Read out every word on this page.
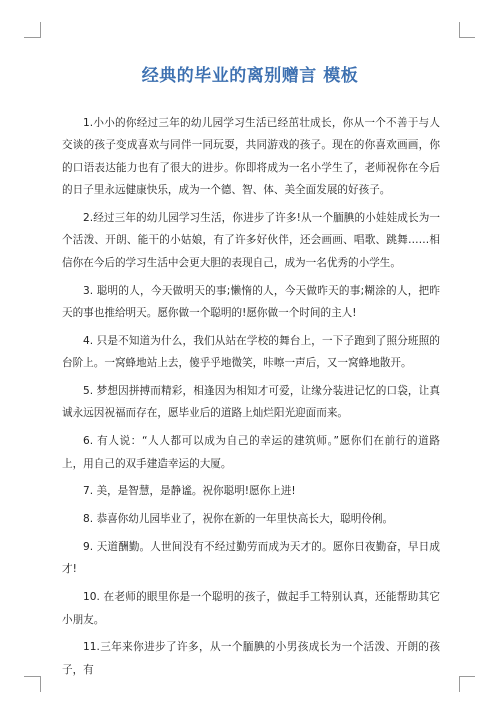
经典的毕业的离别赠言 模板

1.小小的你经过三年的幼儿园学习生活已经茁壮成长，你从一个不善于与人交谈的孩子变成喜欢与同伴一同玩耍，共同游戏的孩子。现在的你喜欢画画，你的口语表达能力也有了很大的进步。你即将成为一名小学生了，老师祝你在今后的日子里永远健康快乐，成为一个德、智、体、美全面发展的好孩子。

2.经过三年的幼儿园学习生活，你进步了许多!从一个腼腆的小娃娃成长为一个活泼、开朗、能干的小姑娘，有了许多好伙伴，还会画画、唱歌、跳舞……相信你在今后的学习生活中会更大胆的表现自己，成为一名优秀的小学生。

3. 聪明的人，今天做明天的事;懒惰的人，今天做昨天的事;糊涂的人，把昨天的事也推给明天。愿你做一个聪明的!愿你做一个时间的主人!

4. 只是不知道为什么，我们从站在学校的舞台上，一下子跑到了照分班照的台阶上。一窝蜂地站上去，傻乎乎地微笑，咔嚓一声后，又一窝蜂地散开。

5. 梦想因拼搏而精彩，相逢因为相知才可爱，让缘分装进记忆的口袋，让真诚永远因祝福而存在，愿毕业后的道路上灿烂阳光迎面而来。

6. 有人说：“人人都可以成为自己的幸运的建筑师。”愿你们在前行的道路上，用自己的双手建造幸运的大厦。

7. 美，是智慧，是静谧。祝你聪明!愿你上进!

8. 恭喜你幼儿园毕业了，祝你在新的一年里快高长大，聪明伶俐。

9. 天道酬勤。人世间没有不经过勤劳而成为天才的。愿你日夜勤奋，早日成才!

10. 在老师的眼里你是一个聪明的孩子，做起手工特别认真，还能帮助其它小朋友。

11.三年来你进步了许多，从一个腼腆的小男孩成长为一个活泼、开朗的孩子，有
